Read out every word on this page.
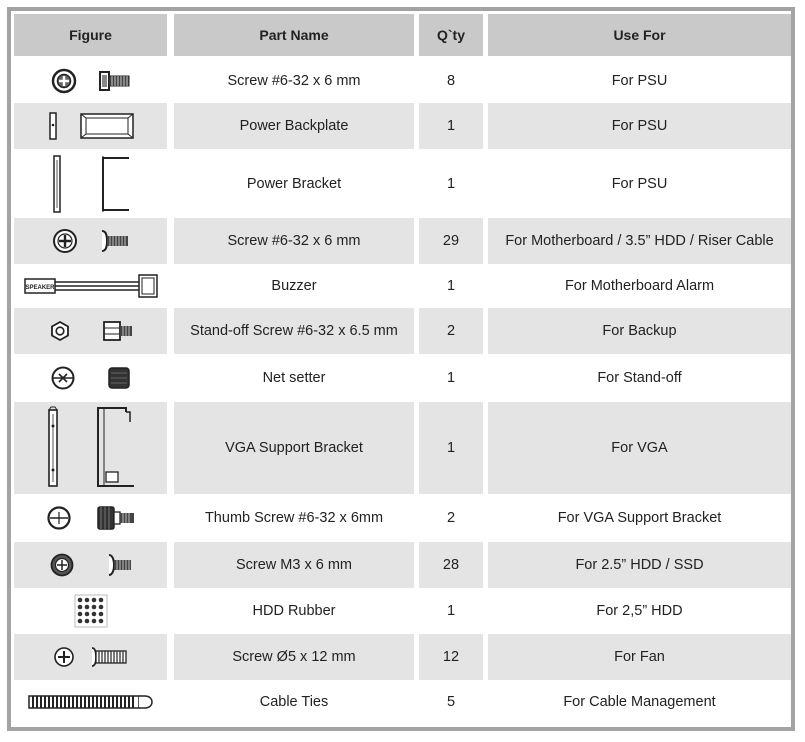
Figure	Part Name	Q`ty	Use For
Screw #6-32 x 6 mm	8	For PSU
Power Backplate	1	For PSU
Power Bracket	1	For PSU
Screw #6-32 x 6 mm	29	For Motherboard / 3.5” HDD / Riser Cable
SPEAKER	Buzzer	1	For Motherboard Alarm
Stand-off Screw #6-32 x 6.5 mm	2	For Backup
Net setter	1	For Stand-off
VGA Support Bracket	1	For VGA
Thumb Screw #6-32 x 6mm	2	For VGA Support Bracket
Screw M3 x 6 mm	28	For 2.5” HDD / SSD
HDD Rubber	1	For 2,5” HDD
Screw Ø5 x 12 mm	12	For Fan
Cable Ties	5	For Cable Management
